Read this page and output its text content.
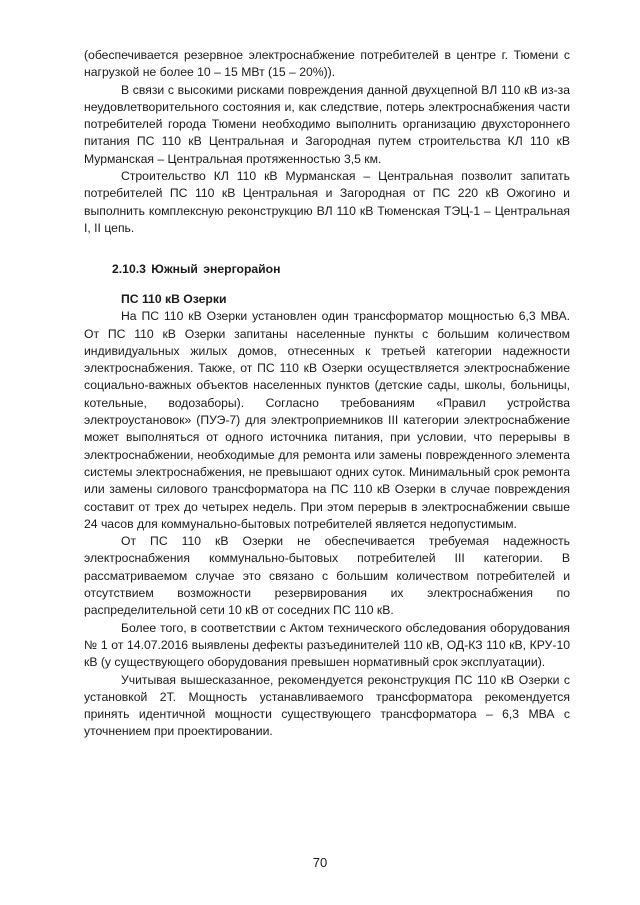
(обеспечивается резервное электроснабжение потребителей в центре г. Тюмени с нагрузкой не более 10 – 15 МВт (15 – 20%)).

В связи с высокими рисками повреждения данной двухцепной ВЛ 110 кВ из-за неудовлетворительного состояния и, как следствие, потерь электроснабжения части потребителей города Тюмени необходимо выполнить организацию двухстороннего питания ПС 110 кВ Центральная и Загородная путем строительства КЛ 110 кВ Мурманская – Центральная протяженностью 3,5 км.

Строительство КЛ 110 кВ Мурманская – Центральная позволит запитать потребителей ПС 110 кВ Центральная и Загородная от ПС 220 кВ Ожогино и выполнить комплексную реконструкцию ВЛ 110 кВ Тюменская ТЭЦ-1 – Центральная I, II цепь.

2.10.3 Южный энергорайон
ПС 110 кВ Озерки

На ПС 110 кВ Озерки установлен один трансформатор мощностью 6,3 МВА. От ПС 110 кВ Озерки запитаны населенные пункты с большим количеством индивидуальных жилых домов, отнесенных к третьей категории надежности электроснабжения. Также, от ПС 110 кВ Озерки осуществляется электроснабжение социально-важных объектов населенных пунктов (детские сады, школы, больницы, котельные, водозаборы). Согласно требованиям «Правил устройства электроустановок» (ПУЭ-7) для электроприемников III категории электроснабжение может выполняться от одного источника питания, при условии, что перерывы в электроснабжении, необходимые для ремонта или замены поврежденного элемента системы электроснабжения, не превышают одних суток. Минимальный срок ремонта или замены силового трансформатора на ПС 110 кВ Озерки в случае повреждения составит от трех до четырех недель. При этом перерыв в электроснабжении свыше 24 часов для коммунально-бытовых потребителей является недопустимым.

От ПС 110 кВ Озерки не обеспечивается требуемая надежность электроснабжения коммунально-бытовых потребителей III категории. В рассматриваемом случае это связано с большим количеством потребителей и отсутствием возможности резервирования их электроснабжения по распределительной сети 10 кВ от соседних ПС 110 кВ.

Более того, в соответствии с Актом технического обследования оборудования № 1 от 14.07.2016 выявлены дефекты разъединителей 110 кВ, ОД-КЗ 110 кВ, КРУ-10 кВ (у существующего оборудования превышен нормативный срок эксплуатации).

Учитывая вышесказанное, рекомендуется реконструкция ПС 110 кВ Озерки с установкой 2Т. Мощность устанавливаемого трансформатора рекомендуется принять идентичной мощности существующего трансформатора – 6,3 МВА с уточнением при проектировании.

70
